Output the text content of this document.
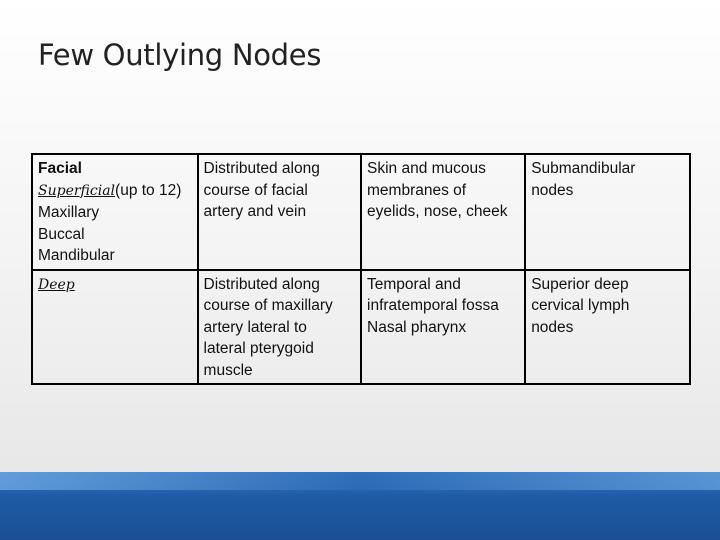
Few Outlying Nodes
Facial
Superficial(up to 12)
Maxillary
Buccal
Mandibular	Distributed along
course of facial
artery and vein	Skin and mucous
membranes of
eyelids, nose, cheek	Submandibular
nodes

Deep	Distributed along
course of maxillary
artery lateral to
lateral pterygoid
muscle	Temporal and
infratemporal fossa
Nasal pharynx	Superior deep
cervical lymph
nodes
